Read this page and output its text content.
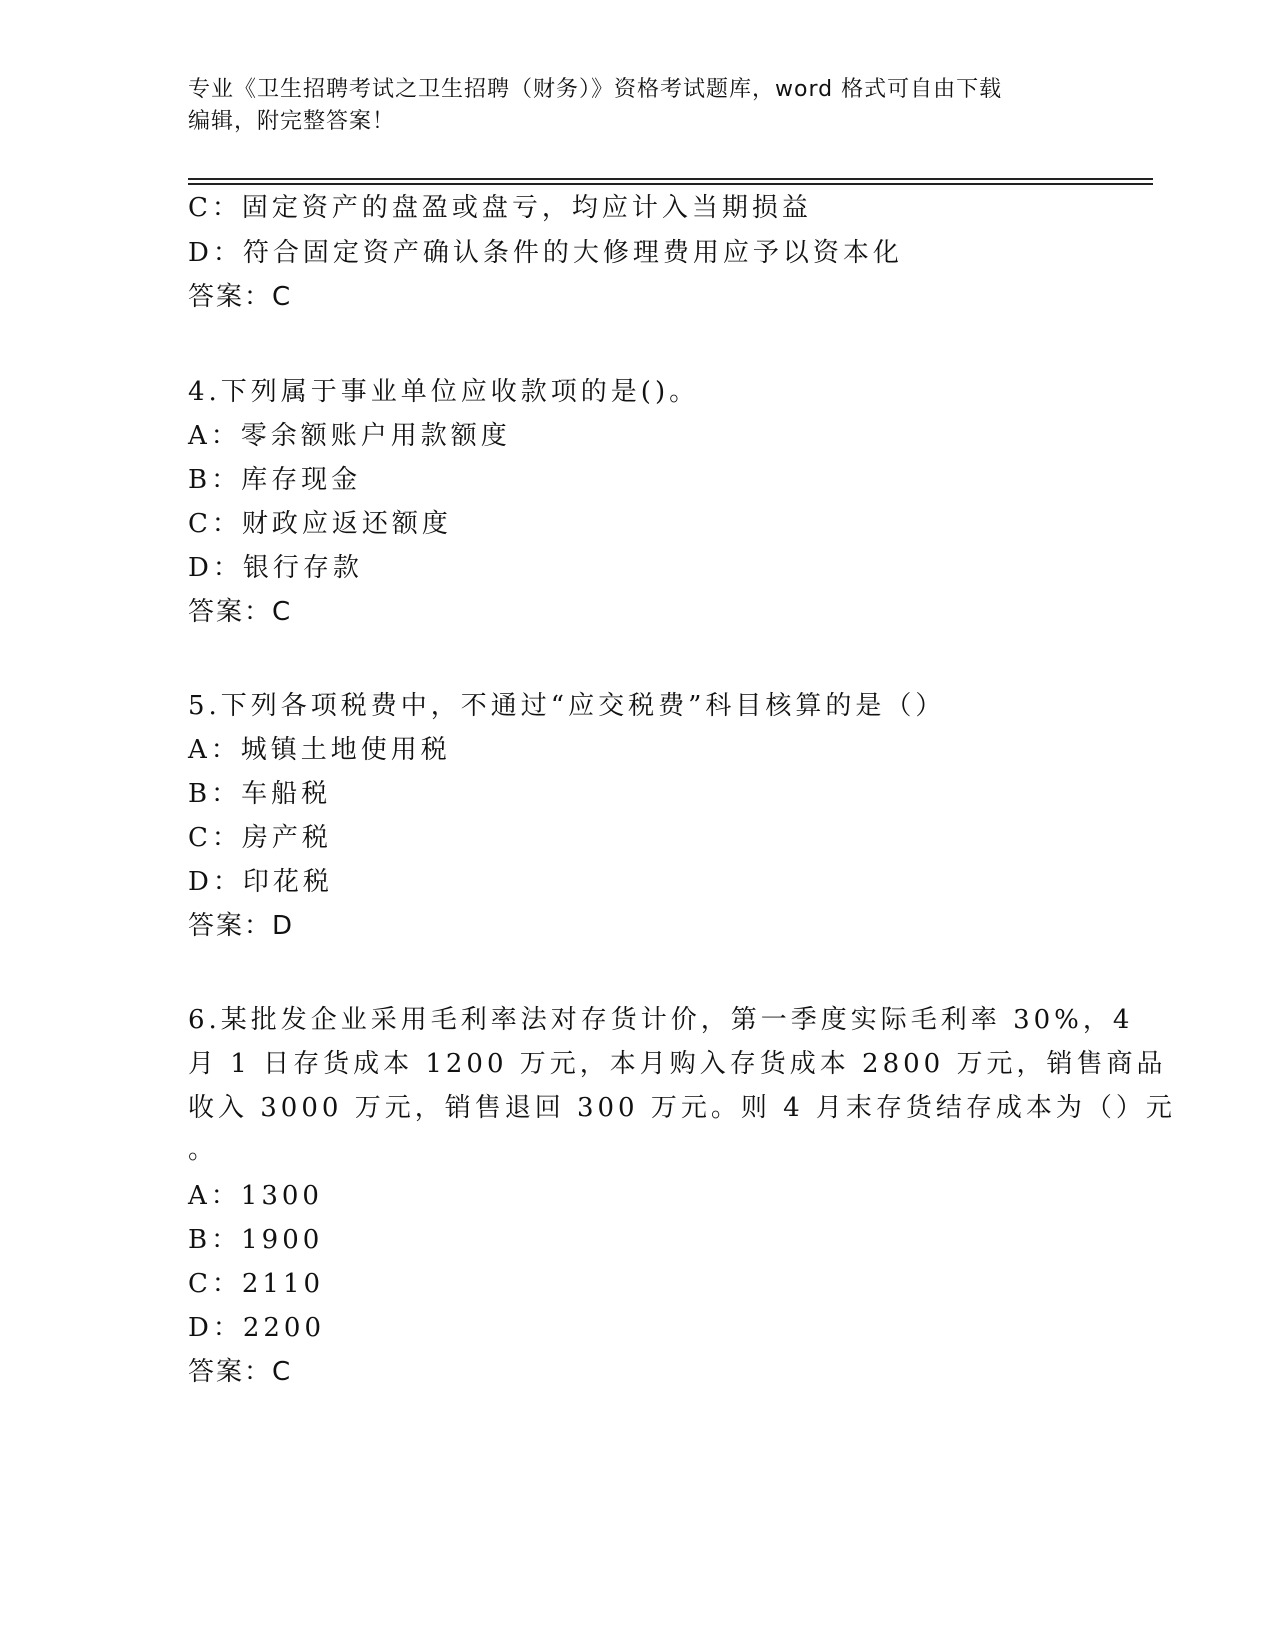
专业《卫生招聘考试之卫生招聘（财务）》资格考试题库，word 格式可自由下载
编辑，附完整答案！
C：固定资产的盘盈或盘亏，均应计入当期损益
D：符合固定资产确认条件的大修理费用应予以资本化
答案：C
4.下列属于事业单位应收款项的是()。
A：零余额账户用款额度
B：库存现金
C：财政应返还额度
D：银行存款
答案：C
5.下列各项税费中，不通过“应交税费”科目核算的是（）
A：城镇土地使用税
B：车船税
C：房产税
D：印花税
答案：D
6.某批发企业采用毛利率法对存货计价，第一季度实际毛利率 30%，4
月 1 日存货成本 1200 万元，本月购入存货成本 2800 万元，销售商品
收入 3000 万元，销售退回 300 万元。则 4 月末存货结存成本为（）元
。
A：1300
B：1900
C：2110
D：2200
答案：C
